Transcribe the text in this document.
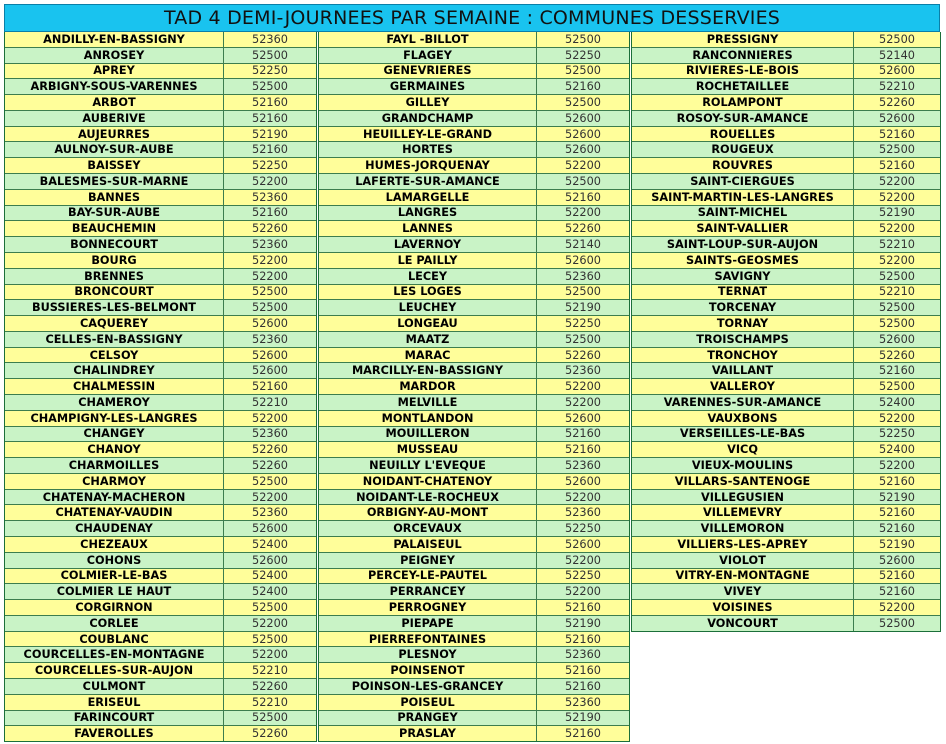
TAD 4 DEMI-JOURNEES PAR SEMAINE : COMMUNES DESSERVIES
ANDILLY-EN-BASSIGNY	52360
ANROSEY	52500
APREY	52250
ARBIGNY-SOUS-VARENNES	52500
ARBOT	52160
AUBERIVE	52160
AUJEURRES	52190
AULNOY-SUR-AUBE	52160
BAISSEY	52250
BALESMES-SUR-MARNE	52200
BANNES	52360
BAY-SUR-AUBE	52160
BEAUCHEMIN	52260
BONNECOURT	52360
BOURG	52200
BRENNES	52200
BRONCOURT	52500
BUSSIERES-LES-BELMONT	52500
CAQUEREY	52600
CELLES-EN-BASSIGNY	52360
CELSOY	52600
CHALINDREY	52600
CHALMESSIN	52160
CHAMEROY	52210
CHAMPIGNY-LES-LANGRES	52200
CHANGEY	52360
CHANOY	52260
CHARMOILLES	52260
CHARMOY	52500
CHATENAY-MACHERON	52200
CHATENAY-VAUDIN	52360
CHAUDENAY	52600
CHEZEAUX	52400
COHONS	52600
COLMIER-LE-BAS	52400
COLMIER LE HAUT	52400
CORGIRNON	52500
CORLEE	52200
COUBLANC	52500
COURCELLES-EN-MONTAGNE	52200
COURCELLES-SUR-AUJON	52210
CULMONT	52260
ERISEUL	52210
FARINCOURT	52500
FAVEROLLES	52260
FAYL -BILLOT	52500
FLAGEY	52250
GENEVRIERES	52500
GERMAINES	52160
GILLEY	52500
GRANDCHAMP	52600
HEUILLEY-LE-GRAND	52600
HORTES	52600
HUMES-JORQUENAY	52200
LAFERTE-SUR-AMANCE	52500
LAMARGELLE	52160
LANGRES	52200
LANNES	52260
LAVERNOY	52140
LE PAILLY	52600
LECEY	52360
LES LOGES	52500
LEUCHEY	52190
LONGEAU	52250
MAATZ	52500
MARAC	52260
MARCILLY-EN-BASSIGNY	52360
MARDOR	52200
MELVILLE	52200
MONTLANDON	52600
MOUILLERON	52160
MUSSEAU	52160
NEUILLY L'EVEQUE	52360
NOIDANT-CHATENOY	52600
NOIDANT-LE-ROCHEUX	52200
ORBIGNY-AU-MONT	52360
ORCEVAUX	52250
PALAISEUL	52600
PEIGNEY	52200
PERCEY-LE-PAUTEL	52250
PERRANCEY	52200
PERROGNEY	52160
PIEPAPE	52190
PIERREFONTAINES	52160
PLESNOY	52360
POINSENOT	52160
POINSON-LES-GRANCEY	52160
POISEUL	52360
PRANGEY	52190
PRASLAY	52160
PRESSIGNY	52500
RANCONNIERES	52140
RIVIERES-LE-BOIS	52600
ROCHETAILLEE	52210
ROLAMPONT	52260
ROSOY-SUR-AMANCE	52600
ROUELLES	52160
ROUGEUX	52500
ROUVRES	52160
SAINT-CIERGUES	52200
SAINT-MARTIN-LES-LANGRES	52200
SAINT-MICHEL	52190
SAINT-VALLIER	52200
SAINT-LOUP-SUR-AUJON	52210
SAINTS-GEOSMES	52200
SAVIGNY	52500
TERNAT	52210
TORCENAY	52500
TORNAY	52500
TROISCHAMPS	52600
TRONCHOY	52260
VAILLANT	52160
VALLEROY	52500
VARENNES-SUR-AMANCE	52400
VAUXBONS	52200
VERSEILLES-LE-BAS	52250
VICQ	52400
VIEUX-MOULINS	52200
VILLARS-SANTENOGE	52160
VILLEGUSIEN	52190
VILLEMEVRY	52160
VILLEMORON	52160
VILLIERS-LES-APREY	52190
VIOLOT	52600
VITRY-EN-MONTAGNE	52160
VIVEY	52160
VOISINES	52200
VONCOURT	52500
